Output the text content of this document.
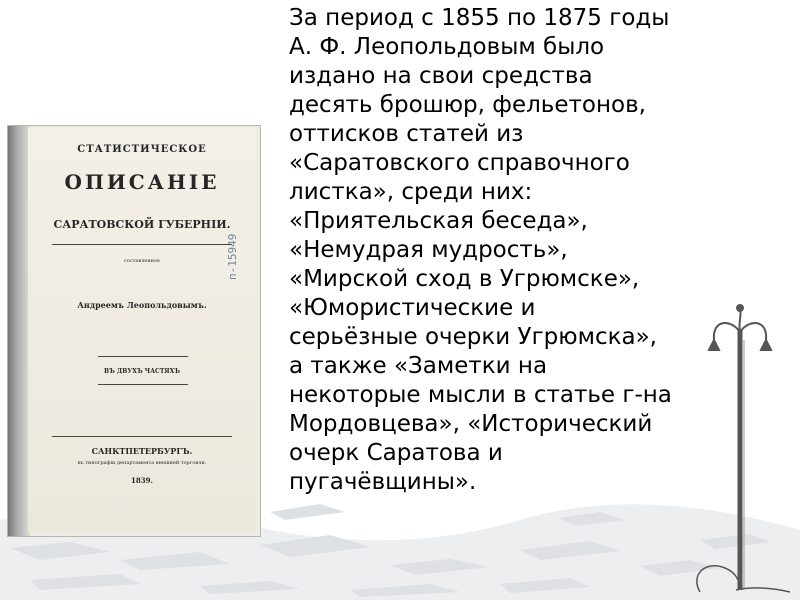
СТАТИСТИЧЕСКОЕ
ОПИСАНІЕ
САРАТОВСКОЙ ГУБЕРНІИ.
составленное
Андреемъ Леопольдовымъ.
ВЪ ДВУХЪ ЧАСТЯХЪ
САНКТПЕТЕРБУРГЪ.
въ типографіи департамента внешней торговли.
1839.
п-15949

За период с 1855 по 1875 годы
А. Ф. Леопольдовым было
издано на свои средства
десять брошюр, фельетонов,
оттисков статей из
«Саратовского справочного
листка», среди них:
«Приятельская беседа»,
«Немудрая мудрость»,
«Мирской сход в Угрюмске»,
«Юмористические и
серьёзные очерки Угрюмска»,
а также «Заметки на
некоторые мысли в статье г-на
Мордовцева», «Исторический
очерк Саратова и
пугачёвщины».
